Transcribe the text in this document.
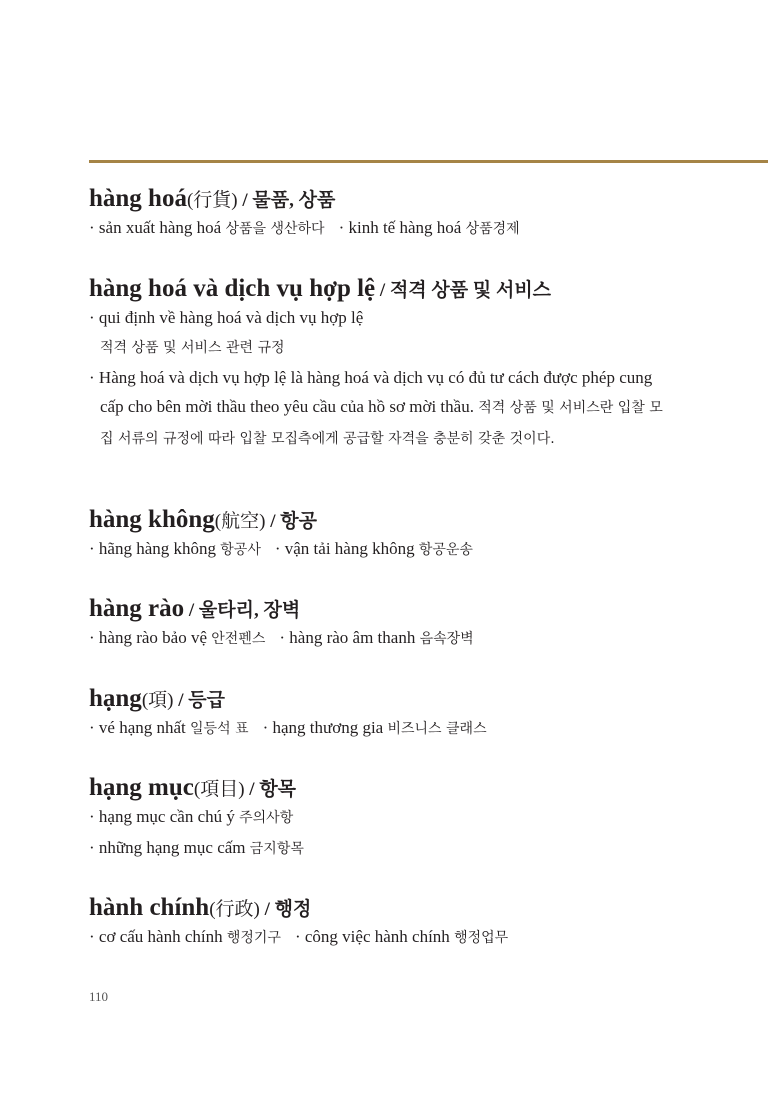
hàng hoá(行貨) / 물품, 상품

· sản xuất hàng hoá 상품을 생산하다 · kinh tế hàng hoá 상품경제

hàng hoá và dịch vụ hợp lệ / 적격 상품 및 서비스

· qui định về hàng hoá và dịch vụ hợp lệ
적격 상품 및 서비스 관련 규정

· Hàng hoá và dịch vụ hợp lệ là hàng hoá và dịch vụ có đủ tư cách được phép cung cấp cho bên mời thầu theo yêu cầu của hồ sơ mời thầu. 적격 상품 및 서비스란 입찰 모집 서류의 규정에 따라 입찰 모집측에게 공급할 자격을 충분히 갖춘 것이다.

hàng không(航空) / 항공

· hãng hàng không 항공사 · vận tải hàng không 항공운송

hàng rào / 울타리, 장벽

· hàng rào bảo vệ 안전펜스 · hàng rào âm thanh 음속장벽

hạng(項) / 등급

· vé hạng nhất 일등석 표 · hạng thương gia 비즈니스 클래스

hạng mục(項目) / 항목

· hạng mục cần chú ý 주의사항

· những hạng mục cấm 금지항목

hành chính(行政) / 행정

· cơ cấu hành chính 행정기구 · công việc hành chính 행정업무

110
